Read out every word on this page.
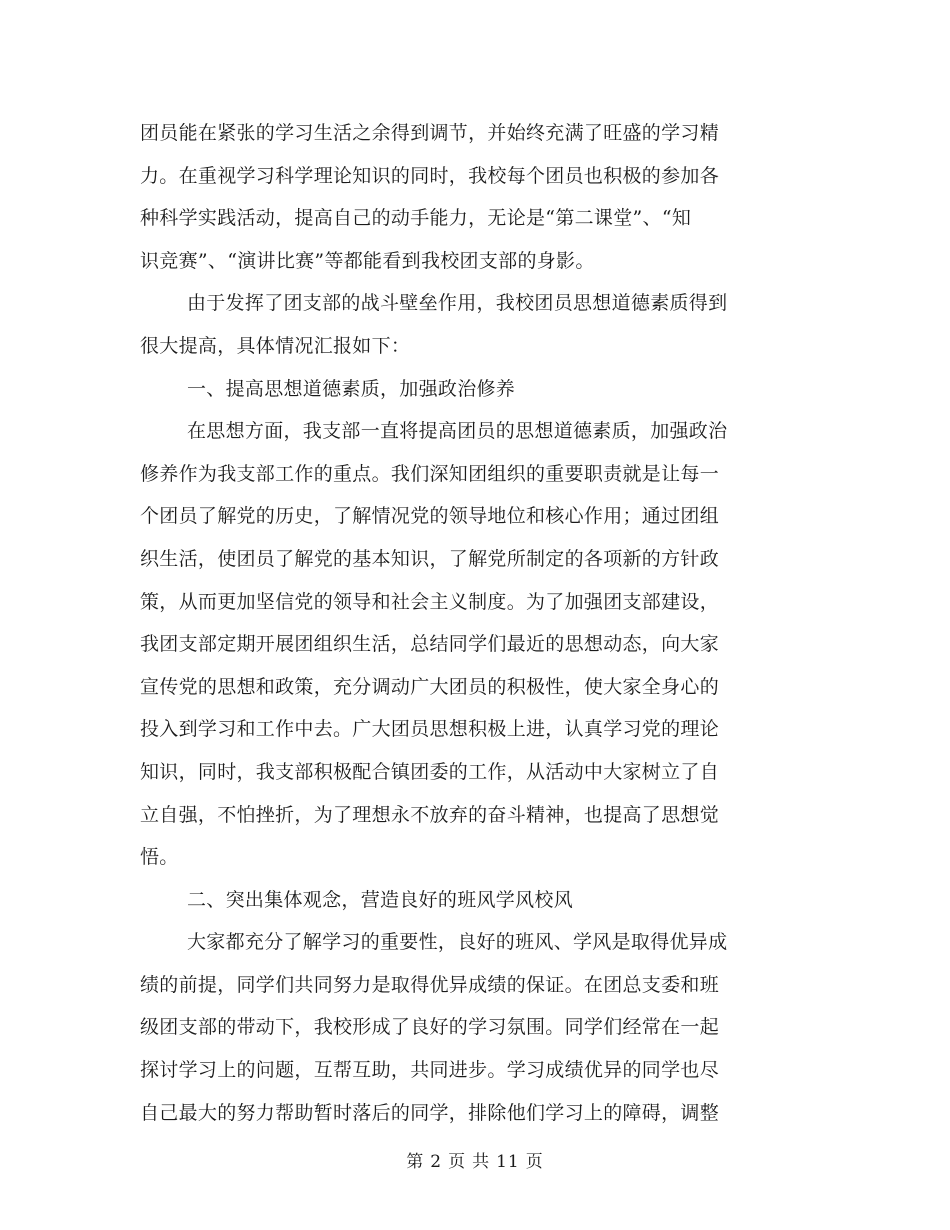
团员能在紧张的学习生活之余得到调节，并始终充满了旺盛的学习精
力。在重视学习科学理论知识的同时，我校每个团员也积极的参加各
种科学实践活动，提高自己的动手能力，无论是“第二课堂”、“知
识竞赛”、“演讲比赛”等都能看到我校团支部的身影。
由于发挥了团支部的战斗壁垒作用，我校团员思想道德素质得到
很大提高，具体情况汇报如下：
一、提高思想道德素质，加强政治修养
在思想方面，我支部一直将提高团员的思想道德素质，加强政治
修养作为我支部工作的重点。我们深知团组织的重要职责就是让每一
个团员了解党的历史，了解情况党的领导地位和核心作用；通过团组
织生活，使团员了解党的基本知识，了解党所制定的各项新的方针政
策，从而更加坚信党的领导和社会主义制度。为了加强团支部建设，
我团支部定期开展团组织生活，总结同学们最近的思想动态，向大家
宣传党的思想和政策，充分调动广大团员的积极性，使大家全身心的
投入到学习和工作中去。广大团员思想积极上进，认真学习党的理论
知识，同时，我支部积极配合镇团委的工作，从活动中大家树立了自
立自强，不怕挫折，为了理想永不放弃的奋斗精神，也提高了思想觉
悟。
二、突出集体观念，营造良好的班风学风校风
大家都充分了解学习的重要性，良好的班风、学风是取得优异成
绩的前提，同学们共同努力是取得优异成绩的保证。在团总支委和班
级团支部的带动下，我校形成了良好的学习氛围。同学们经常在一起
探讨学习上的问题，互帮互助，共同进步。学习成绩优异的同学也尽
自己最大的努力帮助暂时落后的同学，排除他们学习上的障碍，调整
第 2 页 共 11 页
